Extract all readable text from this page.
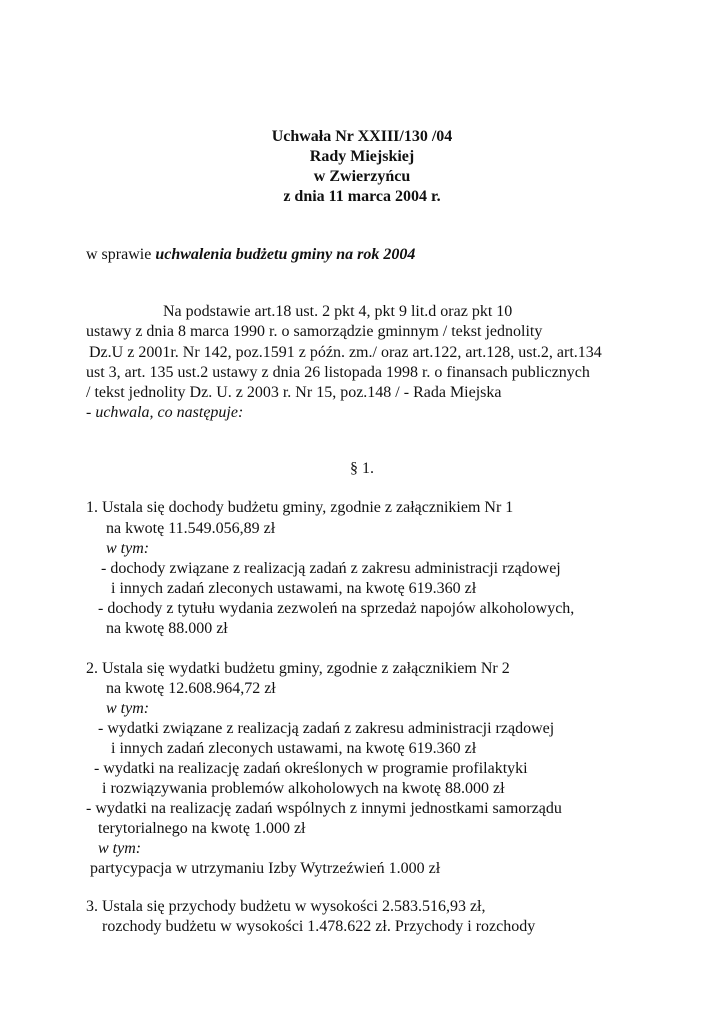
Uchwała Nr XXIII/130 /04
Rady Miejskiej
w Zwierzyńcu
z dnia 11 marca 2004 r.
w sprawie uchwalenia budżetu gminy na rok 2004
Na podstawie art.18 ust. 2 pkt 4, pkt 9 lit.d oraz pkt 10
ustawy z dnia 8 marca 1990 r. o samorządzie gminnym / tekst jednolity
Dz.U z 2001r. Nr 142, poz.1591 z późn. zm./ oraz art.122, art.128, ust.2, art.134
ust 3, art. 135 ust.2 ustawy z dnia 26 listopada 1998 r. o finansach publicznych
/ tekst jednolity Dz. U. z 2003 r. Nr 15, poz.148 / - Rada Miejska
- uchwala, co następuje:
§ 1.
1. Ustala się dochody budżetu gminy, zgodnie z załącznikiem Nr 1
na kwotę 11.549.056,89 zł
w tym:
- dochody związane z realizacją zadań z zakresu administracji rządowej
i innych zadań zleconych ustawami, na kwotę 619.360 zł
- dochody z tytułu wydania zezwoleń na sprzedaż napojów alkoholowych,
na kwotę 88.000 zł
2. Ustala się wydatki budżetu gminy, zgodnie z załącznikiem Nr 2
na kwotę 12.608.964,72 zł
w tym:
- wydatki związane z realizacją zadań z zakresu administracji rządowej
i innych zadań zleconych ustawami, na kwotę 619.360 zł
- wydatki na realizację zadań określonych w programie profilaktyki
i rozwiązywania problemów alkoholowych na kwotę 88.000 zł
- wydatki na realizację zadań wspólnych z innymi jednostkami samorządu
terytorialnego na kwotę 1.000 zł
w tym:
partycypacja w utrzymaniu Izby Wytrzeźwień 1.000 zł
3. Ustala się przychody budżetu w wysokości 2.583.516,93 zł,
rozchody budżetu w wysokości 1.478.622 zł. Przychody i rozchody
